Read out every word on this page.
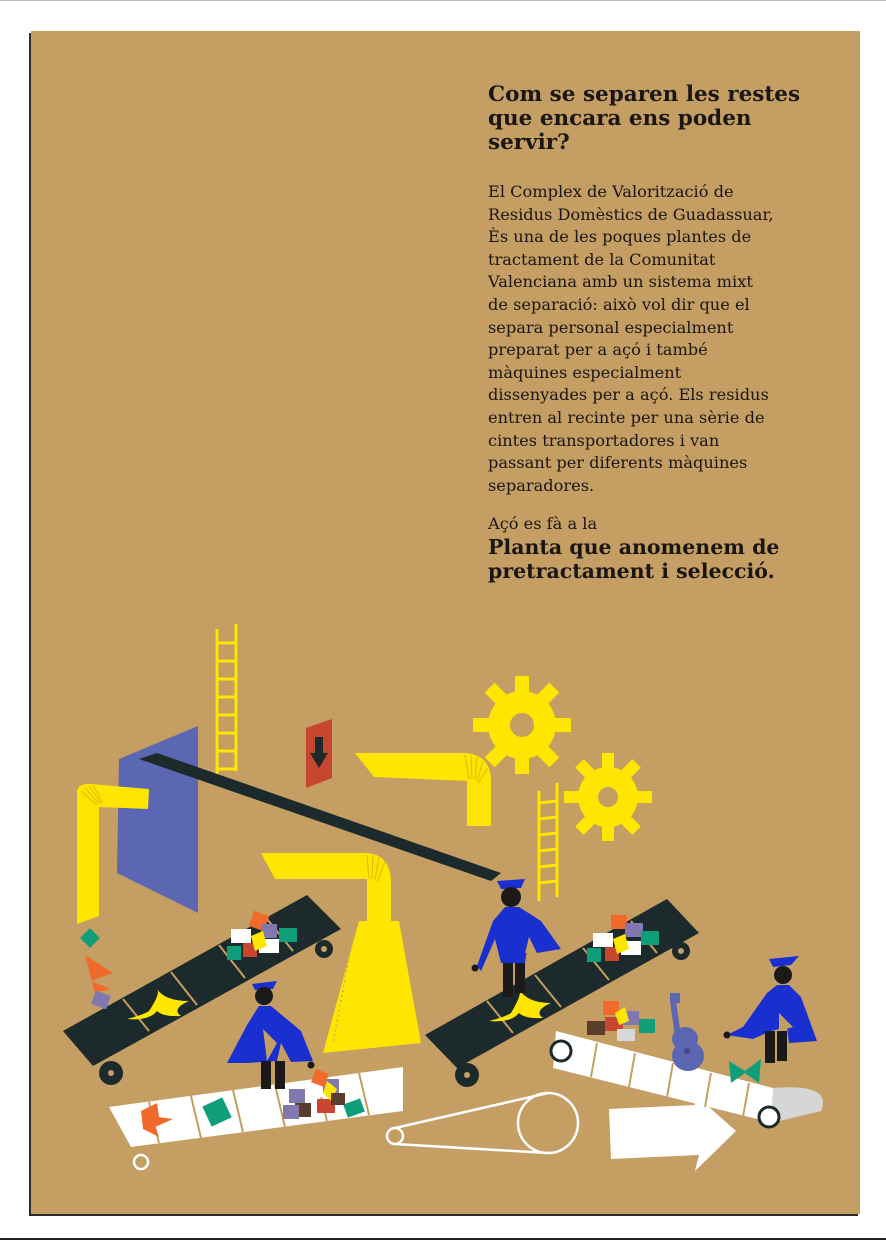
Com se separen les restes
que encara ens poden
servir?

El Complex de Valorització de
Residus Domèstics de Guadassuar,
Ès una de les poques plantes de
tractament de la Comunitat
Valenciana amb un sistema mixt
de separació: això vol dir que el
separa personal especialment
preparat per a açó i també
màquines especialment
dissenyades per a açó. Els residus
entren al recinte per una sèrie de
cintes transportadores i van
passant per diferents màquines
separadores.

Açó es fà a la

Planta que anomenem de
pretractament i selecció.
